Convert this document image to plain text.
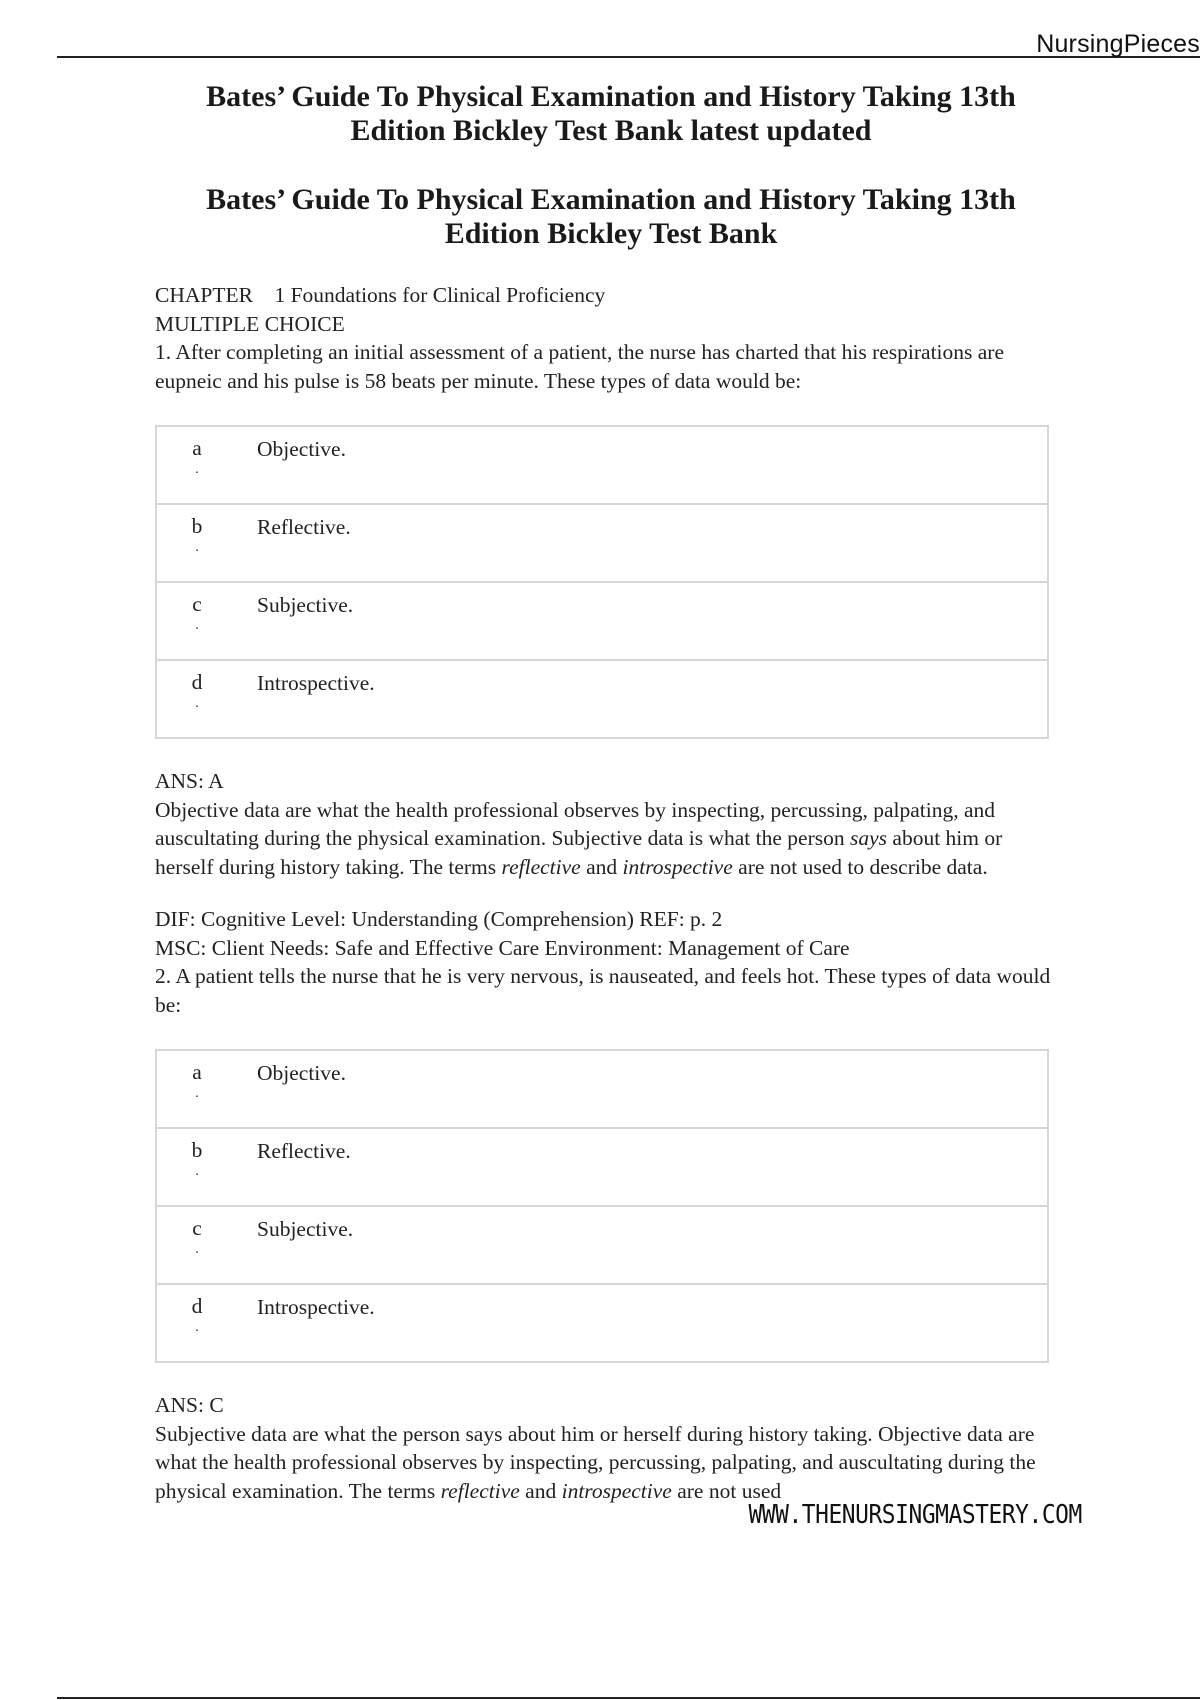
NursingPieces
Bates’ Guide To Physical Examination and History Taking 13th
Edition Bickley Test Bank latest updated
Bates’ Guide To Physical Examination and History Taking 13th
Edition Bickley Test Bank

CHAPTER 1 Foundations for Clinical Proficiency

MULTIPLE CHOICE

1. After completing an initial assessment of a patient, the nurse has charted that his respirations are eupneic and his pulse is 58 beats per minute. These types of data would be:

a
.	Objective.
b
.	Reflective.
c
.	Subjective.
d
.	Introspective.

ANS: A

Objective data are what the health professional observes by inspecting, percussing, palpating, and auscultating during the physical examination. Subjective data is what the person says about him or herself during history taking. The terms reflective and introspective are not used to describe data.

DIF: Cognitive Level: Understanding (Comprehension) REF: p. 2

MSC: Client Needs: Safe and Effective Care Environment: Management of Care

2. A patient tells the nurse that he is very nervous, is nauseated, and feels hot. These types of data would be:

a
.	Objective.
b
.	Reflective.
c
.	Subjective.
d
.	Introspective.

ANS: C

Subjective data are what the person says about him or herself during history taking. Objective data are what the health professional observes by inspecting, percussing, palpating, and auscultating during the physical examination. The terms reflective and introspective are not used

WWW.THENURSINGMASTERY.COM
